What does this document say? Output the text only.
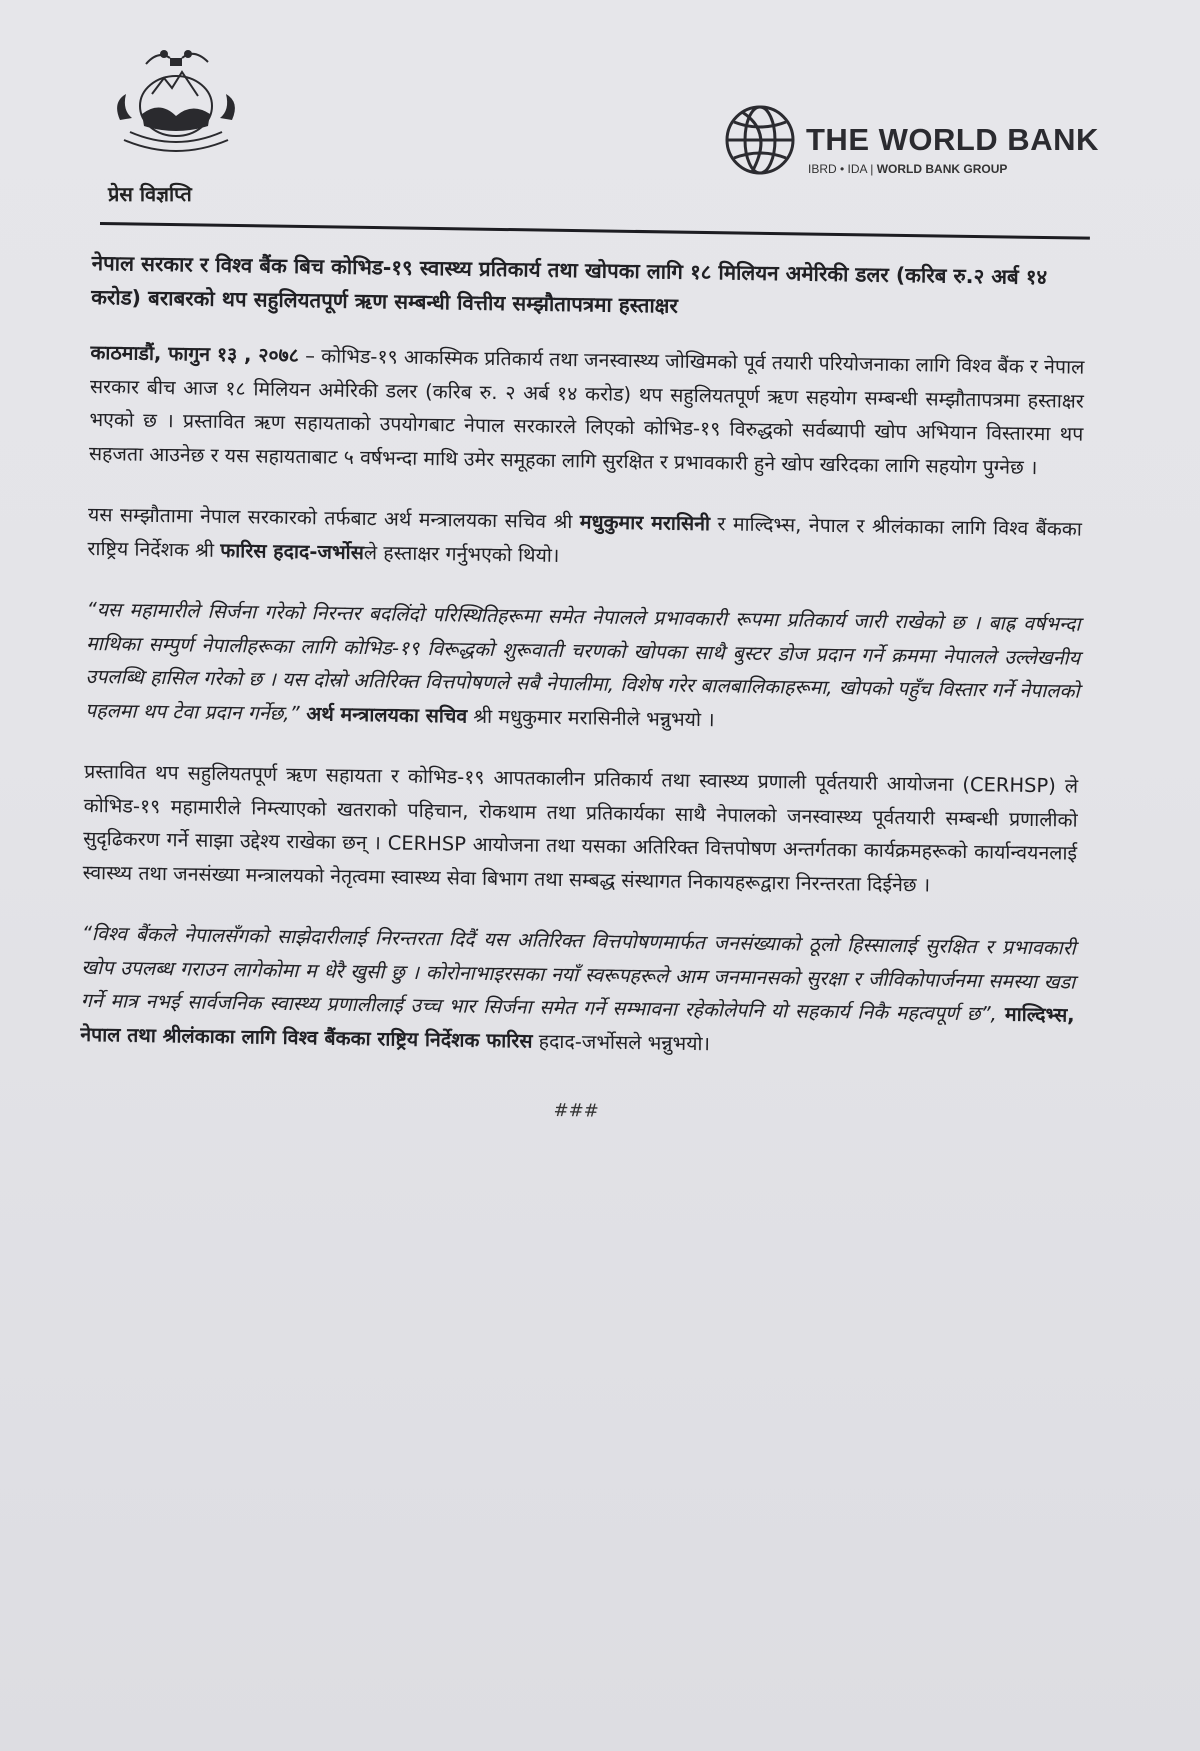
THE WORLD BANK
IBRD • IDA | WORLD BANK GROUP
प्रेस विज्ञप्ति
नेपाल सरकार र विश्व बैंक बिच कोभिड-१९ स्वास्थ्य प्रतिकार्य तथा खोपका लागि १८ मिलियन अमेरिकी डलर (करिब रु.२ अर्ब १४ करोड) बराबरको थप सहुलियतपूर्ण ऋण सम्बन्धी वित्तीय सम्झौतापत्रमा हस्ताक्षर

काठमाडौं, फागुन १३ , २०७८ – कोभिड-१९ आकस्मिक प्रतिकार्य तथा जनस्वास्थ्य जोखिमको पूर्व तयारी परियोजनाका लागि विश्व बैंक र नेपाल सरकार बीच आज १८ मिलियन अमेरिकी डलर (करिब रु. २ अर्ब १४ करोड) थप सहुलियतपूर्ण ऋण सहयोग सम्बन्धी सम्झौतापत्रमा हस्ताक्षर भएको छ । प्रस्तावित ऋण सहायताको उपयोगबाट नेपाल सरकारले लिएको कोभिड-१९ विरुद्धको सर्वब्यापी खोप अभियान विस्तारमा थप सहजता आउनेछ र यस सहायताबाट ५ वर्षभन्दा माथि उमेर समूहका लागि सुरक्षित र प्रभावकारी हुने खोप खरिदका लागि सहयोग पुग्नेछ ।

यस सम्झौतामा नेपाल सरकारको तर्फबाट अर्थ मन्त्रालयका सचिव श्री मधुकुमार मरासिनी र माल्दिभ्स, नेपाल र श्रीलंकाका लागि विश्व बैंकका राष्ट्रिय निर्देशक श्री फारिस हदाद-जर्भोसले हस्ताक्षर गर्नुभएको थियो।

“यस महामारीले सिर्जना गरेको निरन्तर बदलिंदो परिस्थितिहरूमा समेत नेपालले प्रभावकारी रूपमा प्रतिकार्य जारी राखेको छ । बाह्र वर्षभन्दा माथिका सम्पुर्ण नेपालीहरूका लागि कोभिड-१९ विरूद्धको शुरूवाती चरणको खोपका साथै बुस्टर डोज प्रदान गर्ने क्रममा नेपालले उल्लेखनीय उपलब्धि हासिल गरेको छ । यस दोस्रो अतिरिक्त वित्तपोषणले सबै नेपालीमा, विशेष गरेर बालबालिकाहरूमा, खोपको पहुँच विस्तार गर्ने नेपालको पहलमा थप टेवा प्रदान गर्नेछ,” अर्थ मन्त्रालयका सचिव श्री मधुकुमार मरासिनीले भन्नुभयो ।

प्रस्तावित थप सहुलियतपूर्ण ऋण सहायता र कोभिड-१९ आपतकालीन प्रतिकार्य तथा स्वास्थ्य प्रणाली पूर्वतयारी आयोजना (CERHSP) ले कोभिड-१९ महामारीले निम्त्याएको खतराको पहिचान, रोकथाम तथा प्रतिकार्यका साथै नेपालको जनस्वास्थ्य पूर्वतयारी सम्बन्धी प्रणालीको सुदृढिकरण गर्ने साझा उद्देश्य राखेका छन् । CERHSP आयोजना तथा यसका अतिरिक्त वित्तपोषण अन्तर्गतका कार्यक्रमहरूको कार्यान्वयनलाई स्वास्थ्य तथा जनसंख्या मन्त्रालयको नेतृत्वमा स्वास्थ्य सेवा बिभाग तथा सम्बद्ध संस्थागत निकायहरूद्वारा निरन्तरता दिईनेछ ।

“विश्व बैंकले नेपालसँगको साझेदारीलाई निरन्तरता दिदैं यस अतिरिक्त वित्तपोषणमार्फत जनसंख्याको ठूलो हिस्सालाई सुरक्षित र प्रभावकारी खोप उपलब्ध गराउन लागेकोमा म धेरै खुसी छु । कोरोनाभाइरसका नयाँ स्वरूपहरूले आम जनमानसको सुरक्षा र जीविकोपार्जनमा समस्या खडा गर्ने मात्र नभई सार्वजनिक स्वास्थ्य प्रणालीलाई उच्च भार सिर्जना समेत गर्ने सम्भावना रहेकोलेपनि यो सहकार्य निकै महत्वपूर्ण छ”, माल्दिभ्स, नेपाल तथा श्रीलंकाका लागि विश्व बैंकका राष्ट्रिय निर्देशक फारिस हदाद-जर्भोसले भन्नुभयो।

###
